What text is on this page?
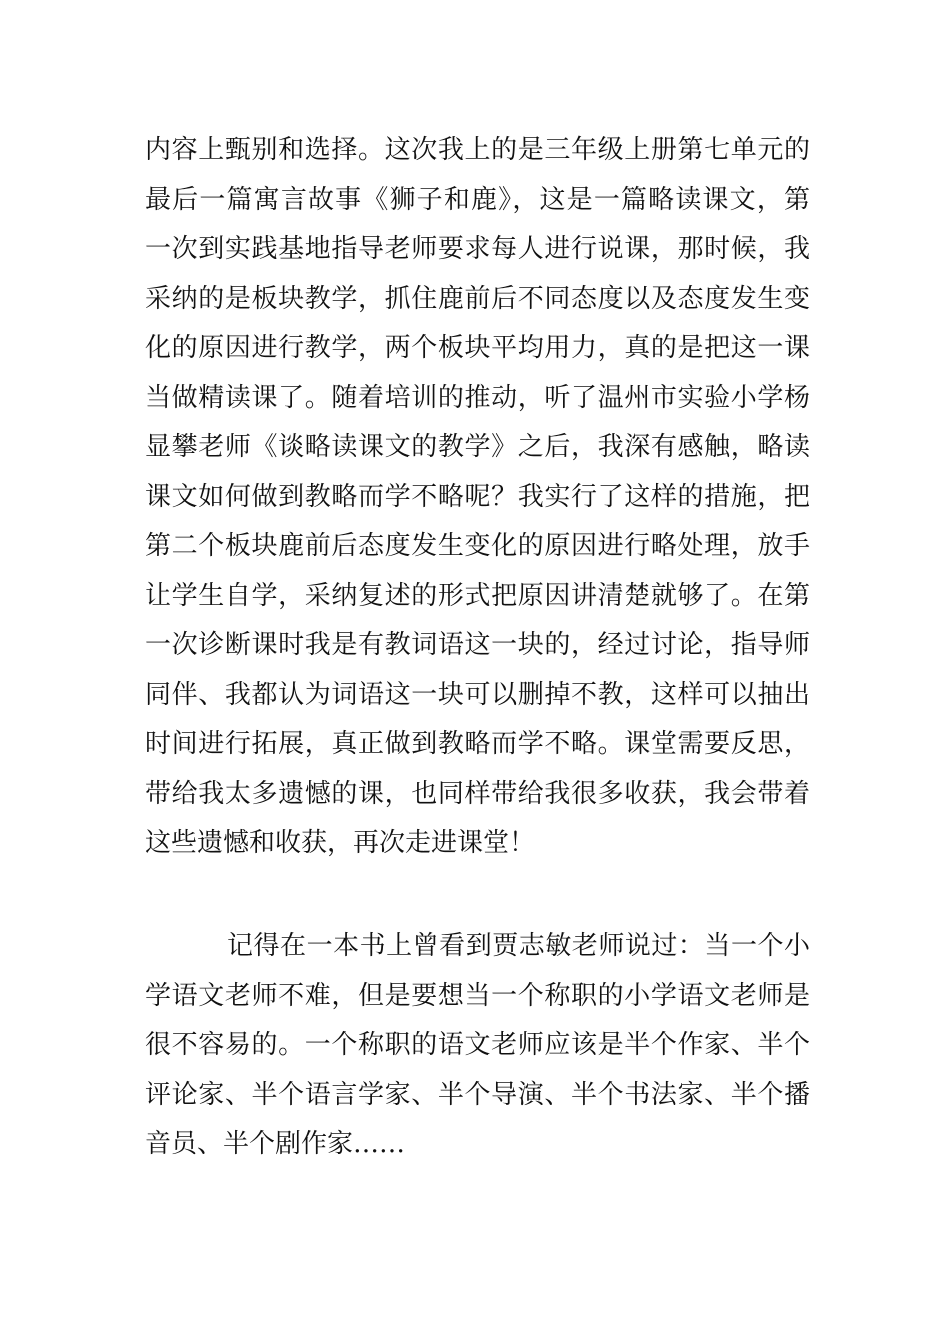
内容上甄别和选择。这次我上的是三年级上册第七单元的
最后一篇寓言故事《狮子和鹿》，这是一篇略读课文，第
一次到实践基地指导老师要求每人进行说课，那时候，我
采纳的是板块教学，抓住鹿前后不同态度以及态度发生变
化的原因进行教学，两个板块平均用力，真的是把这一课
当做精读课了。随着培训的推动，听了温州市实验小学杨
显攀老师《谈略读课文的教学》之后，我深有感触，略读
课文如何做到教略而学不略呢？我实行了这样的措施，把
第二个板块鹿前后态度发生变化的原因进行略处理，放手
让学生自学，采纳复述的形式把原因讲清楚就够了。在第
一次诊断课时我是有教词语这一块的，经过讨论，指导师
同伴、我都认为词语这一块可以删掉不教，这样可以抽出
时间进行拓展，真正做到教略而学不略。课堂需要反思，
带给我太多遗憾的课，也同样带给我很多收获，我会带着
这些遗憾和收获，再次走进课堂！
记得在一本书上曾看到贾志敏老师说过：当一个小
学语文老师不难，但是要想当一个称职的小学语文老师是
很不容易的。一个称职的语文老师应该是半个作家、半个
评论家、半个语言学家、半个导演、半个书法家、半个播
音员、半个剧作家……
